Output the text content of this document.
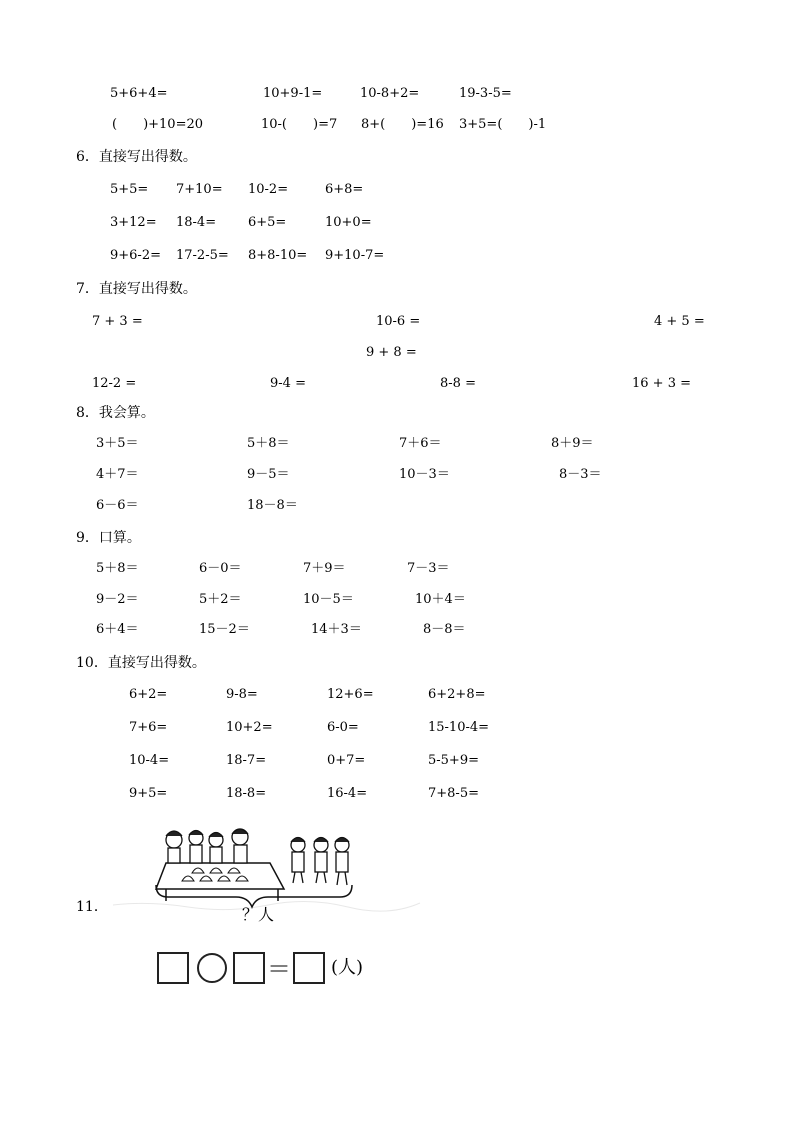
5+6+4=	10+9-1=	10-8+2=	19-3-5=
(　　)+10=20	10-(　　)=7 8+(　　)=16 3+5=(　　)-1
6．直接写出得数。
5+5= 7+10= 10-2=	6+8=
3+12= 18-4= 6+5=	10+0=
9+6-2= 17-2-5= 8+8-10= 9+10-7=
7．直接写出得数。
7 + 3 =	10-6 =	4 + 5 =
9 + 8 =
12-2 =	9-4 =	8-8 =	16 + 3 =
8．我会算。
3＋5＝	5＋8＝	7＋6＝	8＋9＝
4＋7＝	9－5＝	10－3＝	8－3＝
6－6＝	18－8＝
9．口算。
5＋8＝	6－0＝	7＋9＝	7－3＝
9－2＝	5＋2＝	10－5＝	10＋4＝
6＋4＝	15－2＝	14＋3＝	8－8＝
10．直接写出得数。
6+2=	9-8=	12+6=	6+2+8=
7+6=	10+2=	6-0=	15-10-4=
10-4=	18-7=	0+7=	5-5+9=
9+5=	18-8=	16-4=	7+8-5=
11．	？人
＝ (人)
